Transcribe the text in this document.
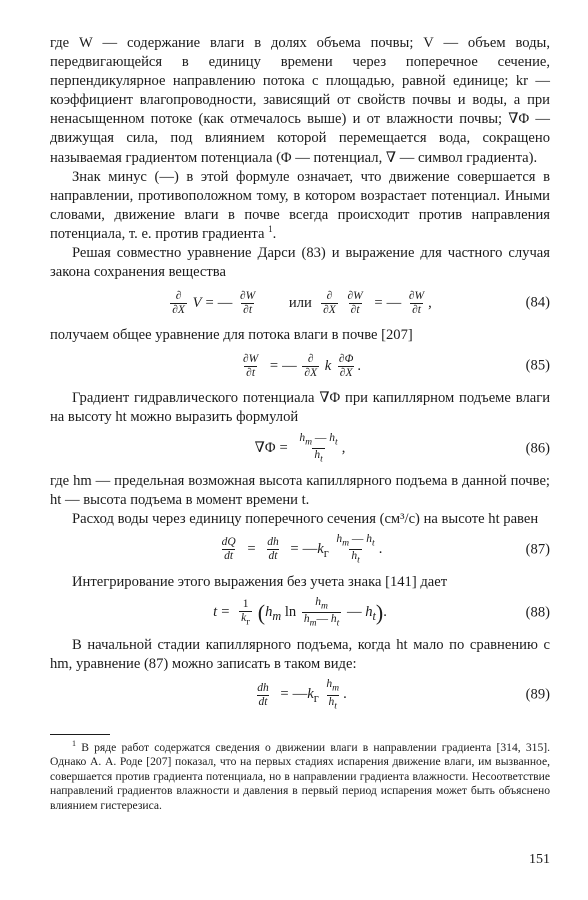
где W — содержание влаги в долях объема почвы; V — объем воды, передвигающейся в единицу времени через поперечное сечение, перпендикулярное направлению потока с площадью, равной единице; kr — коэффициент влагопроводности, зависящий от свойств почвы и воды, а при ненасыщенном потоке (как отмечалось выше) и от влажности почвы; ∇Φ — движущая сила, под влиянием которой перемещается вода, сокращено называемая градиентом потенциала (Φ — потенциал, ∇ — символ градиента).

Знак минус (—) в этой формуле означает, что движение совершается в направлении, противоположном тому, в котором возрастает потенциал. Иными словами, движение влаги в почве всегда происходит против направления потенциала, т. е. против градиента $^1$.

Решая совместно уравнение Дарси (83) и выражение для частного случая закона сохранения вещества

∂
∂X V = — $\frac{\partial W}{\partial t}$ или ∂
∂X
$\frac{\partial W}{\partial t}$ = — $\frac{\partial W}{\partial t}$ ,	(84)

получаем общее уравнение для потока влаги в почве [207]

$\frac{\partial W}{\partial t}$ = — ∂
∂X k $\frac{\partial\Phi}{\partial X}$ .	(85)

Градиент гидравлического потенциала ∇Φ при капиллярном подъеме влаги на высоту ht можно выразить формулой

$\nabla\Phi = \frac{h_m — h_t}{h_t}$ ,	(86)

где hm — предельная возможная высота капиллярного подъема в данной почве; ht — высота подъема в момент времени t.

Расход воды через единицу поперечного сечения (см³/с) на высоте ht равен

$\frac{dQ}{dt} = \frac{dh}{dt}$ = $—k_г \frac{h_m — h_t}{h_t}$ .	(87)

Интегрирование этого выражения без учета знака [141] дает

t =
1
$k_г$ ($h_m$ $\ln \frac{h_m}{h_m— h_t}$ — $h_t$).	(88)

В начальной стадии капиллярного подъема, когда ht мало по сравнению с hm, уравнение (87) можно записать в таком виде:

$\frac{dh}{dt}$ = $—k_г \frac{h_m}{h_t}$ .	(89)

$^1$ В ряде работ содержатся сведения о движении влаги в направлении градиента [314, 315]. Однако А. А. Роде [207] показал, что на первых стадиях испарения движение влаги, им вызванное, совершается против градиента потенциала, но в направлении градиента влажности. Несоответствие направлений градиентов влажности и давления в первый период испарения может быть объяснено влиянием гистерезиса.

151
